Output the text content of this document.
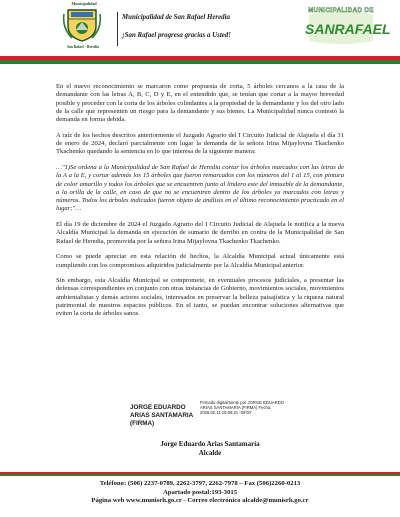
Municipalidad
San Rafael - Heredia
Municipalidad de San Rafael Heredia
¡San Rafael progresa gracias a Usted!
MUNICIPALIDAD DE
SANRAFAEL

En el nuevo reconocimiento se marcaron como propuesta de corta, 5 árboles cercanos a la casa de la demandante con las letras A, B, C, D y E, en el entendido que, se tenían que cortar a la mayor brevedad posible y proceder con la corta de los árboles colindantes a la propiedad de la demandante y los del otro lado de la calle que representen un riesgo para la demandante y sus bienes. La Municipalidad nunca contestó la demanda en forma debida.

A raíz de los hechos descritos anteriormente el Juzgado Agrario del I Circuito Judicial de Alajuela el día 31 de enero de 2024, declaró parcialmente con lugar la demanda de la señora Irina Mijaylovna Tkachenko Tkachenko quedando la sentencia en lo que interesa de la siguiente manera:

…"1)Se ordena a la Municipalidad de San Rafael de Heredia cortar los árboles marcados con las letras de la A a la E, y cortar además los 15 árboles que fueron remarcados con los números del 1 al 15, con pintura de color amarillo y todos los árboles que se encuentren junto al lindero este del inmueble de la demandante, a la orilla de la calle, en caso de que no se encuentren dentro de los árboles ya marcados con letras y números. Todos los árboles indicados fueron objeto de análisis en el último reconocimiento practicado en el lugar;"…

El día 19 de diciembre de 2024 el Juzgado Agrario del I Circuito Judicial de Alajuela le notifica a la nueva Alcaldía Municipal la demanda en ejecución de sumario de derribo en contra de la Municipalidad de San Rafael de Heredia, promovida por la señora Irina Mijaylovna Tkachenko Tkachenko.

Como se puede apreciar en esta relación de hechos, la Alcaldía Municipal actual únicamente está cumpliendo con los compromisos adquiridos judicialmente por la Alcaldía Municipal anterior.

Sin embargo, esta Alcaldía Municipal se compromete, en eventuales procesos judiciales, a presentar las defensas correspondientes en conjunto con otras instancias de Gobierno, movimientos sociales, movimientos ambientalistas y demás actores sociales, interesados en preservar la belleza paisajística y la riqueza natural patrimonial de nuestros espacios públicos. En el tanto, se puedan encontrar soluciones alternativas que eviten la corta de árboles sanos.

JORGE EDUARDO ARIAS SANTAMARIA (FIRMA)
Firmado digitalmente por JORGE EDUARDO ARIAS SANTAMARIA (FIRMA) Fecha: 2025.02.11 15:06:21 -06'00'
Jorge Eduardo Arias Santamaría
Alcalde
Teléfono: (506) 2237-0789, 2262-3797, 2262-7978 – Fax (506)2260-0213
Apartado postal:193-3015
Página web www.munisrh.go.cr - Correo electrónico alcalde@munisrh.go.cr
